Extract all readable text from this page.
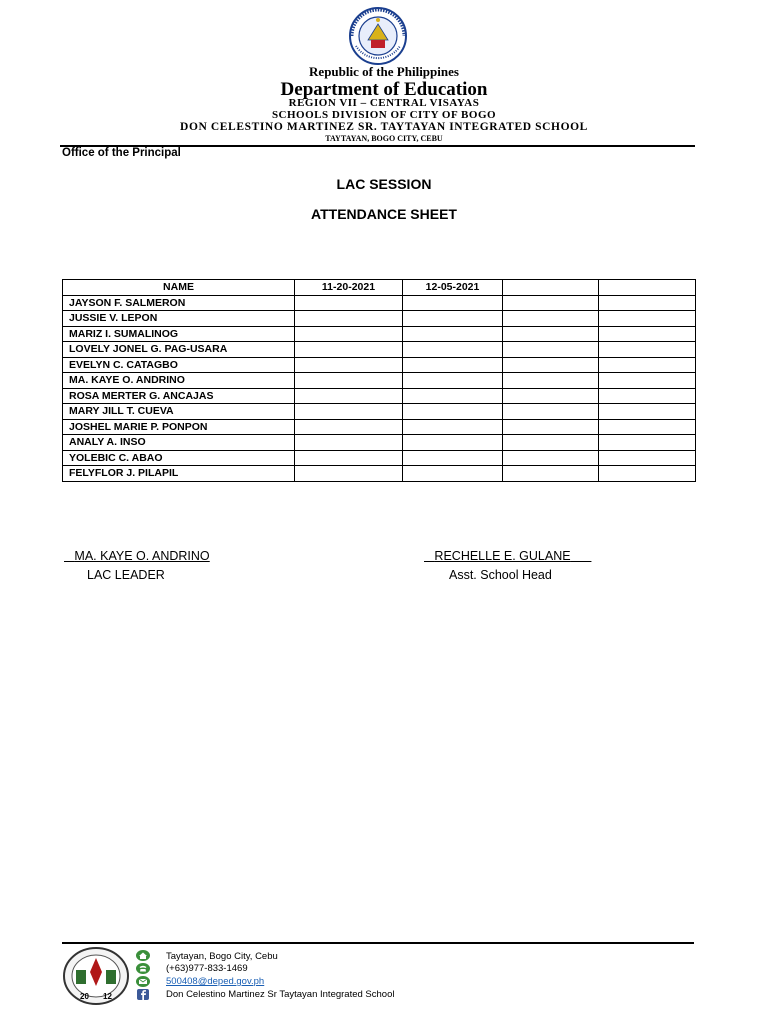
Republic of the Philippines
Department of Education
REGION VII – CENTRAL VISAYAS
SCHOOLS DIVISION OF CITY OF BOGO
DON CELESTINO MARTINEZ SR. TAYTAYAN INTEGRATED SCHOOL
TAYTAYAN, BOGO CITY, CEBU
Office of the Principal
LAC SESSION
ATTENDANCE SHEET
NAME	11-20-2021	12-05-2021		
JAYSON F. SALMERON				
JUSSIE V. LEPON				
MARIZ I. SUMALINOG				
LOVELY JONEL G. PAG-USARA				
EVELYN C. CATAGBO				
MA. KAYE O. ANDRINO				
ROSA MERTER G. ANCAJAS				
MARY JILL T. CUEVA				
JOSHEL MARIE P. PONPON				
ANALY A. INSO				
YOLEBIC C. ABAO				
FELYFLOR J. PILAPIL				
MA. KAYE O. ANDRINO
LAC LEADER
RECHELLE E. GULANE
Asst. School Head
20 12
Taytayan, Bogo City, Cebu
(+63)977-833-1469
500408@deped.gov.ph
Don Celestino Martinez Sr Taytayan Integrated School
